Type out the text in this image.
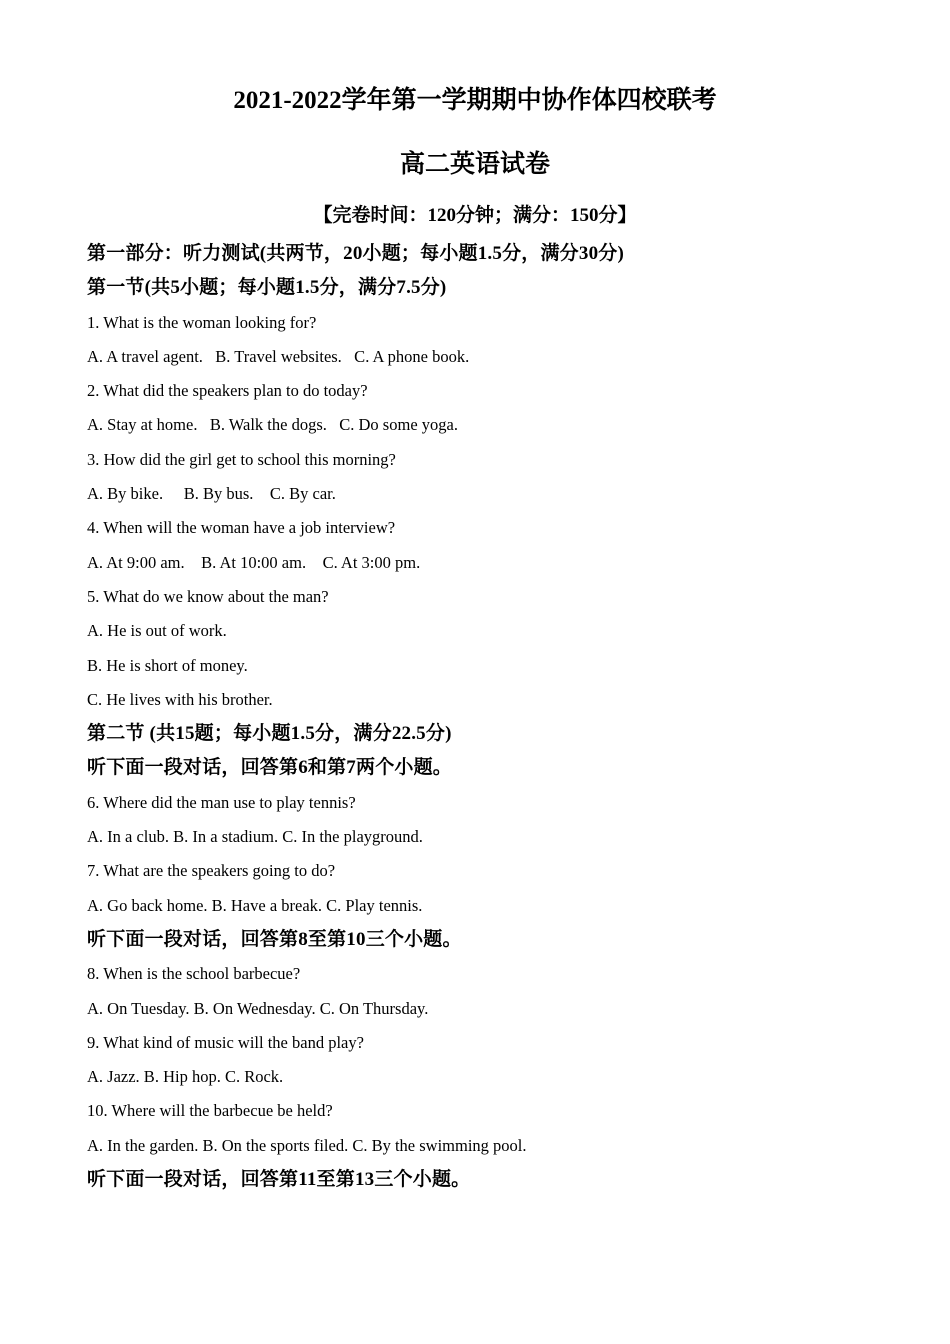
2021-2022学年第一学期期中协作体四校联考
高二英语试卷
【完卷时间：120分钟；满分：150分】
第一部分：听力测试(共两节，20小题；每小题1.5分，满分30分)
第一节(共5小题；每小题1.5分，满分7.5分)
1. What is the woman looking for?
A. A travel agent.   B. Travel websites.   C. A phone book.
2. What did the speakers plan to do today?
A. Stay at home.   B. Walk the dogs.   C. Do some yoga.
3. How did the girl get to school this morning?
A. By bike.     B. By bus.    C. By car.
4. When will the woman have a job interview?
A. At 9:00 am.    B. At 10:00 am.    C. At 3:00 pm.
5. What do we know about the man?
A. He is out of work.
B. He is short of money.
C. He lives with his brother.
第二节 (共15题；每小题1.5分，满分22.5分)
听下面一段对话，回答第6和第7两个小题。
6. Where did the man use to play tennis?
A. In a club. B. In a stadium. C. In the playground.
7. What are the speakers going to do?
A. Go back home. B. Have a break. C. Play tennis.
听下面一段对话，回答第8至第10三个小题。
8. When is the school barbecue?
A. On Tuesday. B. On Wednesday. C. On Thursday.
9. What kind of music will the band play?
A. Jazz. B. Hip hop. C. Rock.
10. Where will the barbecue be held?
A. In the garden. B. On the sports filed. C. By the swimming pool.
听下面一段对话，回答第11至第13三个小题。
